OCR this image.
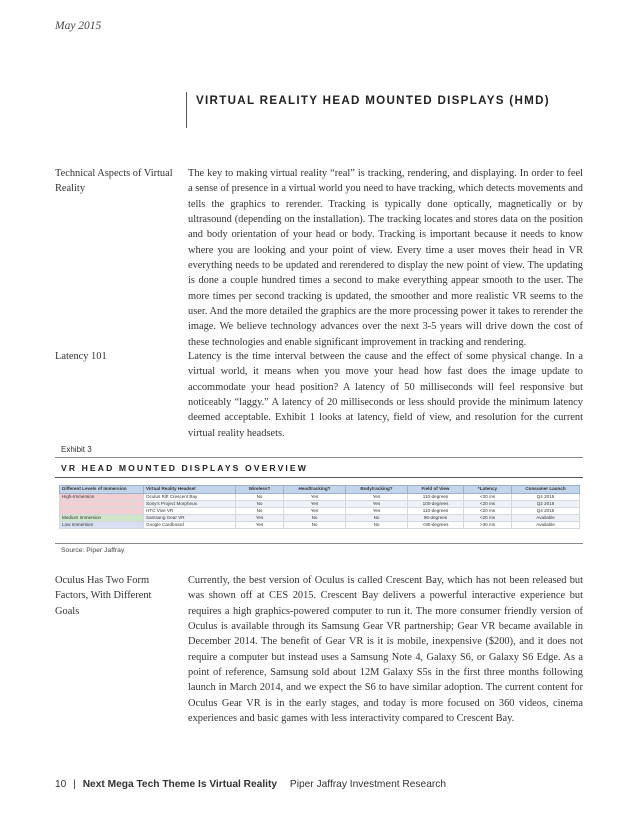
May 2015
VIRTUAL REALITY HEAD MOUNTED DISPLAYS (HMD)
Technical Aspects of Virtual Reality

The key to making virtual reality “real” is tracking, rendering, and displaying. In order to feel a sense of presence in a virtual world you need to have tracking, which detects movements and tells the graphics to rerender. Tracking is typically done optically, magnetically or by ultrasound (depending on the installation). The tracking locates and stores data on the position and body orientation of your head or body. Tracking is important because it needs to know where you are looking and your point of view. Every time a user moves their head in VR everything needs to be updated and rerendered to display the new point of view. The updating is done a couple hundred times a second to make everything appear smooth to the user. The more times per second tracking is updated, the smoother and more realistic VR seems to the user. And the more detailed the graphics are the more processing power it takes to rerender the image. We believe technology advances over the next 3-5 years will drive down the cost of these technologies and enable significant improvement in tracking and rendering.

Latency 101	Latency is the time interval between the cause and the effect of some physical change. In a virtual world, it means when you move your head how fast does the image update to accommodate your head position? A latency of 50 milliseconds will feel responsive but noticeably “laggy.” A latency of 20 milliseconds or less should provide the minimum latency deemed acceptable. Exhibit 1 looks at latency, field of view, and resolution for the current virtual reality headsets.

Exhibit 3
VR HEAD MOUNTED DISPLAYS OVERVIEW
Different Levels of Immersion	Virtual Reality Headset	Wireless?	Headtracking?	Bodytracking?	Field of View	*Latency	Consumer Launch
High-Immersion	Oculus Rift Crescent Bay	No	Yes	Yes	110-degrees	<20 ms	Q4 2015
	Sony's Project Morpheus	No	Yes	Yes	100-degrees	<20 ms	Q2 2016
	HTC Vive VR	No	Yes	Yes	110-degrees	<20 ms	Q4 2015
Medium Immersion	Samsung Gear VR	Yes	No	No	96-degrees	<20 ms	Available
Low Immersion	Google Cardboard	Yes	No	No	<80-degrees	>30 ms	Available
Source: Piper Jaffray
Oculus Has Two Form Factors, With Different Goals

Currently, the best version of Oculus is called Crescent Bay, which has not been released but was shown off at CES 2015. Crescent Bay delivers a powerful interactive experience but requires a high graphics-powered computer to run it. The more consumer friendly version of Oculus is available through its Samsung Gear VR partnership; Gear VR became available in December 2014. The benefit of Gear VR is it is mobile, inexpensive ($200), and it does not require a computer but instead uses a Samsung Note 4, Galaxy S6, or Galaxy S6 Edge. As a point of reference, Samsung sold about 12M Galaxy S5s in the first three months following launch in March 2014, and we expect the S6 to have similar adoption. The current content for Oculus Gear VR is in the early stages, and today is more focused on 360 videos, cinema experiences and basic games with less interactivity compared to Crescent Bay.

10 | Next Mega Tech Theme Is Virtual Reality Piper Jaffray Investment Research
